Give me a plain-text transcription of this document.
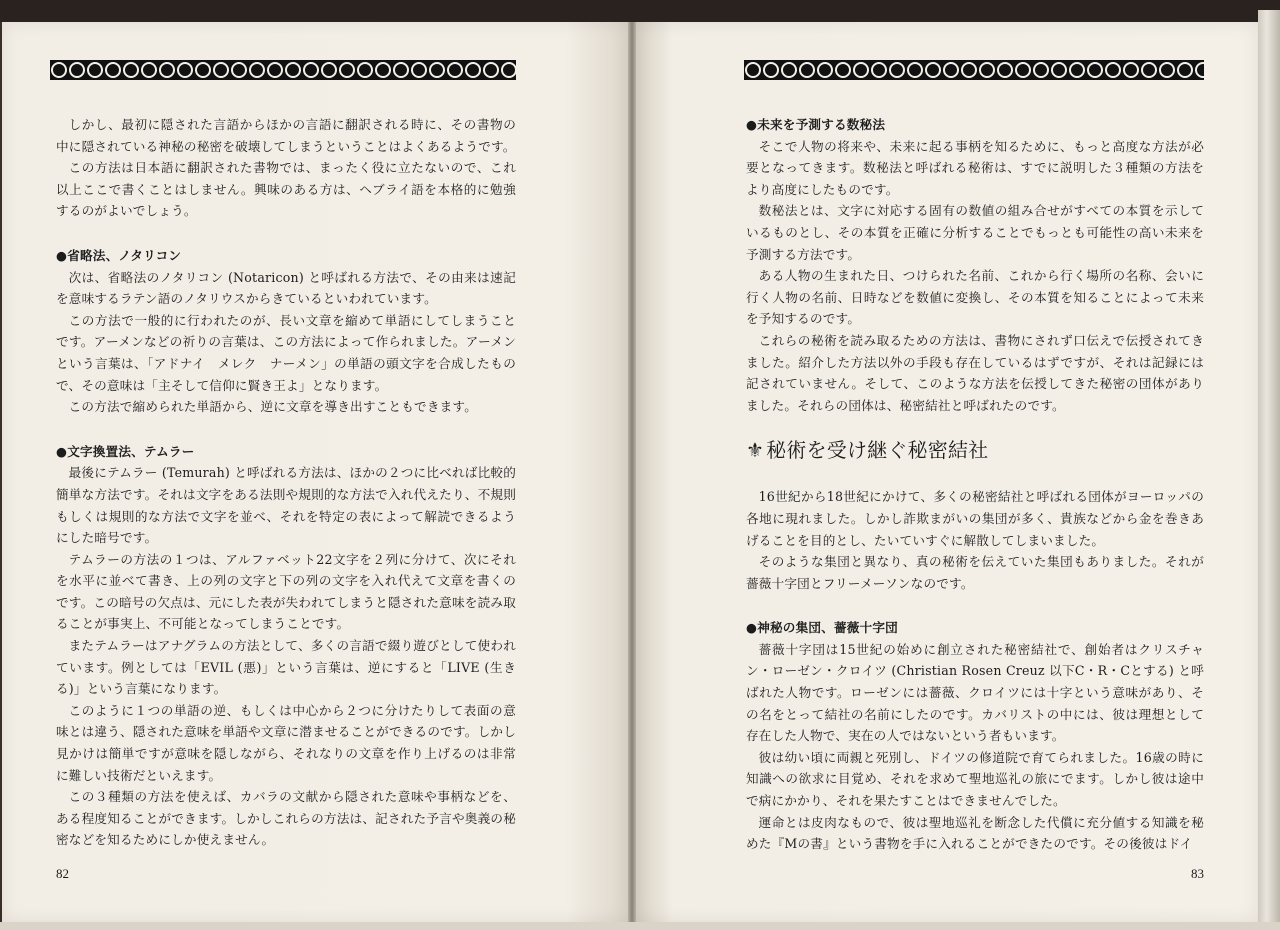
しかし、最初に隠された言語からほかの言語に翻訳される時に、その書物の中に隠されている神秘の秘密を破壊してしまうということはよくあるようです。

この方法は日本語に翻訳された書物では、まったく役に立たないので、これ以上ここで書くことはしません。興味のある方は、ヘブライ語を本格的に勉強するのがよいでしょう。

●省略法、ノタリコン

次は、省略法のノタリコン (Notaricon) と呼ばれる方法で、その由来は速記を意味するラテン語のノタリウスからきているといわれています。

この方法で一般的に行われたのが、長い文章を縮めて単語にしてしまうことです。アーメンなどの祈りの言葉は、この方法によって作られました。アーメンという言葉は、「アドナイ　メレク　ナーメン」の単語の頭文字を合成したもので、その意味は「主そして信仰に賢き王よ」となります。

この方法で縮められた単語から、逆に文章を導き出すこともできます。

●文字換置法、テムラー

最後にテムラー (Temurah) と呼ばれる方法は、ほかの２つに比べれば比較的簡単な方法です。それは文字をある法則や規則的な方法で入れ代えたり、不規則もしくは規則的な方法で文字を並べ、それを特定の表によって解読できるようにした暗号です。

テムラーの方法の１つは、アルファベット22文字を２列に分けて、次にそれを水平に並べて書き、上の列の文字と下の列の文字を入れ代えて文章を書くのです。この暗号の欠点は、元にした表が失われてしまうと隠された意味を読み取ることが事実上、不可能となってしまうことです。

またテムラーはアナグラムの方法として、多くの言語で綴り遊びとして使われています。例としては「EVIL (悪)」という言葉は、逆にすると「LIVE (生きる)」という言葉になります。

このように１つの単語の逆、もしくは中心から２つに分けたりして表面の意味とは違う、隠された意味を単語や文章に潜ませることができるのです。しかし見かけは簡単ですが意味を隠しながら、それなりの文章を作り上げるのは非常に難しい技術だといえます。

この３種類の方法を使えば、カバラの文献から隠された意味や事柄などを、ある程度知ることができます。しかしこれらの方法は、記された予言や奥義の秘密などを知るためにしか使えません。

82

●未来を予測する数秘法

そこで人物の将来や、未来に起る事柄を知るために、もっと高度な方法が必要となってきます。数秘法と呼ばれる秘術は、すでに説明した３種類の方法をより高度にしたものです。

数秘法とは、文字に対応する固有の数値の組み合せがすべての本質を示しているものとし、その本質を正確に分析することでもっとも可能性の高い未来を予測する方法です。

ある人物の生まれた日、つけられた名前、これから行く場所の名称、会いに行く人物の名前、日時などを数値に変換し、その本質を知ることによって未来を予知するのです。

これらの秘術を読み取るための方法は、書物にされず口伝えで伝授されてきました。紹介した方法以外の手段も存在しているはずですが、それは記録には記されていません。そして、このような方法を伝授してきた秘密の団体がありました。それらの団体は、秘密結社と呼ばれたのです。

⚜ 秘術を受け継ぐ秘密結社

16世紀から18世紀にかけて、多くの秘密結社と呼ばれる団体がヨーロッパの各地に現れました。しかし詐欺まがいの集団が多く、貴族などから金を巻きあげることを目的とし、たいていすぐに解散してしまいました。

そのような集団と異なり、真の秘術を伝えていた集団もありました。それが薔薇十字団とフリーメーソンなのです。

●神秘の集団、薔薇十字団

薔薇十字団は15世紀の始めに創立された秘密結社で、創始者はクリスチャン・ローゼン・クロイツ (Christian Rosen Creuz 以下C・R・Cとする) と呼ばれた人物です。ローゼンには薔薇、クロイツには十字という意味があり、その名をとって結社の名前にしたのです。カバリストの中には、彼は理想として存在した人物で、実在の人ではないという者もいます。

彼は幼い頃に両親と死別し、ドイツの修道院で育てられました。16歳の時に知識への欲求に目覚め、それを求めて聖地巡礼の旅にでます。しかし彼は途中で病にかかり、それを果たすことはできませんでした。

運命とは皮肉なもので、彼は聖地巡礼を断念した代償に充分値する知識を秘めた『Mの書』という書物を手に入れることができたのです。その後彼はドイ

83
